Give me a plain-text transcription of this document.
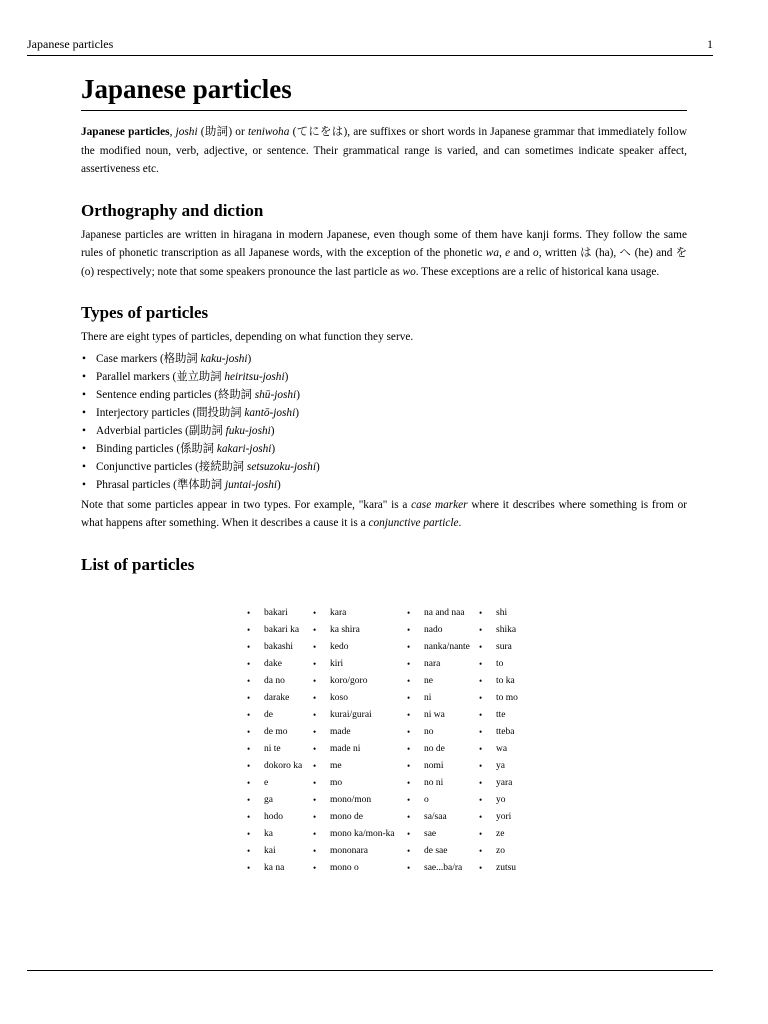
Japanese particles	1
Japanese particles

Japanese particles, joshi (助詞) or teniwoha (てにをは), are suffixes or short words in Japanese grammar that immediately follow the modified noun, verb, adjective, or sentence. Their grammatical range is varied, and can sometimes indicate speaker affect, assertiveness etc.

Orthography and diction

Japanese particles are written in hiragana in modern Japanese, even though some of them have kanji forms. They follow the same rules of phonetic transcription as all Japanese words, with the exception of the phonetic wa, e and o, written は (ha), へ (he) and を (o) respectively; note that some speakers pronounce the last particle as wo. These exceptions are a relic of historical kana usage.

Types of particles

There are eight types of particles, depending on what function they serve.

• Case markers (格助詞 kaku-joshi)
• Parallel markers (並立助詞 heiritsu-joshi)
• Sentence ending particles (終助詞 shū-joshi)
• Interjectory particles (間投助詞 kantō-joshi)
• Adverbial particles (副助詞 fuku-joshi)
• Binding particles (係助詞 kakari-joshi)
• Conjunctive particles (接続助詞 setsuzoku-joshi)
• Phrasal particles (準体助詞 juntai-joshi)

Note that some particles appear in two types. For example, "kara" is a case marker where it describes where something is from or what happens after something. When it describes a cause it is a conjunctive particle.

List of particles
• bakari
• bakari ka
• bakashi
• dake
• da no
• darake
• de
• de mo
• ni te
• dokoro ka
• e
• ga
• hodo
• ka
• kai
• ka na
• kara
• ka shira
• kedo
• kiri
• koro/goro
• koso
• kurai/gurai
• made
• made ni
• me
• mo
• mono/mon
• mono de
• mono ka/mon-ka
• mononara
• mono o
• na and naa
• nado
• nanka/nante
• nara
• ne
• ni
• ni wa
• no
• no de
• nomi
• no ni
• o
• sa/saa
• sae
• de sae
• sae...ba/ra
• shi
• shika
• sura
• to
• to ka
• to mo
• tte
• tteba
• wa
• ya
• yara
• yo
• yori
• ze
• zo
• zutsu
